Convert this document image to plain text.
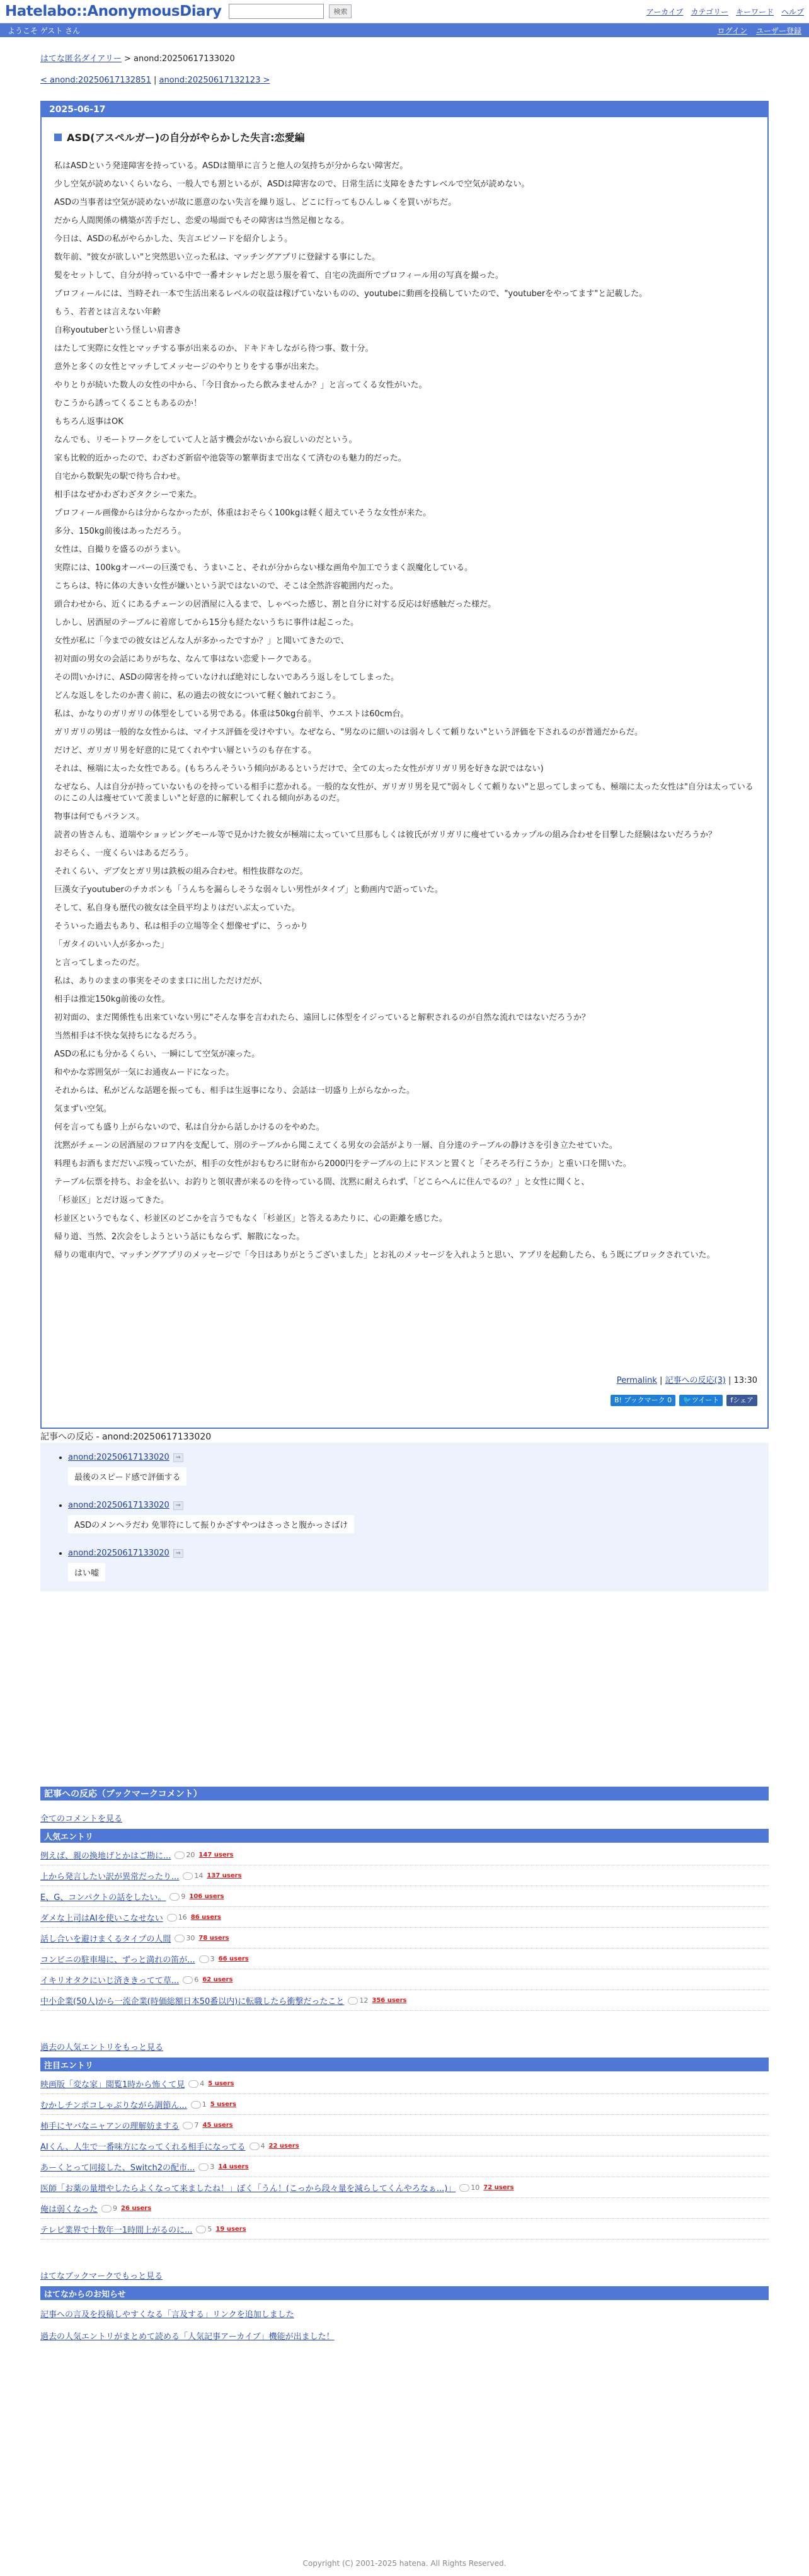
Hatelabo::AnonymousDiary	検索	アーカイブ カテゴリー キーワード ヘルプ
ようこそ ゲスト さん	ログイン ユーザー登録
はてな匿名ダイアリー > anond:20250617133020
< anond:20250617132851 | anond:20250617132123 >
2025-06-17
ASD(アスペルガー)の自分がやらかした失言:恋愛編
私はASDという発達障害を持っている。ASDは簡単に言うと他人の気持ちが分からない障害だ。
少し空気が読めないくらいなら、一般人でも割といるが、ASDは障害なので、日常生活に支障をきたすレベルで空気が読めない。
ASDの当事者は空気が読めないが故に悪意のない失言を繰り返し、どこに行ってもひんしゅくを買いがちだ。
だから人間関係の構築が苦手だし、恋愛の場面でもその障害は当然足枷となる。
今日は、ASDの私がやらかした、失言エピソードを紹介しよう。
数年前、"彼女が欲しい"と突然思い立った私は、マッチングアプリに登録する事にした。
髪をセットして、自分が持っている中で一番オシャレだと思う服を着て、自宅の洗面所でプロフィール用の写真を撮った。
プロフィールには、当時それ一本で生活出来るレベルの収益は稼げていないものの、youtubeに動画を投稿していたので、"youtuberをやってます"と記載した。
もう、若者とは言えない年齢
自称youtuberという怪しい肩書き
はたして実際に女性とマッチする事が出来るのか、ドキドキしながら待つ事、数十分。
意外と多くの女性とマッチしてメッセージのやりとりをする事が出来た。
やりとりが続いた数人の女性の中から、「今日食かったら飲みませんか？」と言ってくる女性がいた。
むこうから誘ってくることもあるのか！
もちろん返事はOK
なんでも、リモートワークをしていて人と話す機会がないから寂しいのだという。
家も比較的近かったので、わざわざ新宿や池袋等の繁華街まで出なくて済むのも魅力的だった。
自宅から数駅先の駅で待ち合わせ。
相手はなぜかわざわざタクシーで来た。
プロフィール画像からは分からなかったが、体重はおそらく100kgは軽く超えていそうな女性が来た。
多分、150kg前後はあっただろう。
女性は、自撮りを盛るのがうまい。
実際には、100kgオーバーの巨漢でも、うまいこと、それが分からない様な画角や加工でうまく誤魔化している。
こちらは、特に体の大きい女性が嫌いという訳ではないので、そこは全然許容範囲内だった。
頭合わせから、近くにあるチェーンの居酒屋に入るまで、しゃべった感じ、割と自分に対する反応は好感触だった様だ。
しかし、居酒屋のテーブルに着席してから15分も経たないうちに事件は起こった。
女性が私に「今までの彼女はどんな人が多かったですか？」と聞いてきたので、
初対面の男女の会話にありがちな、なんて事はない恋愛トークである。
その問いかけに、ASDの障害を持っていなければ絶対にしないであろう返しをしてしまった。
どんな返しをしたのか書く前に、私の過去の彼女について軽く触れておこう。
私は、かなりのガリガリの体型をしている男である。体重は50kg台前半、ウエストは60cm台。
ガリガリの男は一般的な女性からは、マイナス評価を受けやすい。なぜなら、"男なのに細いのは弱々しくて頼りない"という評価を下されるのが普通だからだ。
だけど、ガリガリ男を好意的に見てくれやすい層というのも存在する。
それは、極端に太った女性である。(もちろんそういう傾向があるというだけで、全ての太った女性がガリガリ男を好きな訳ではない)
なぜなら、人は自分が持っていないものを持っている相手に惹かれる。一般的な女性が、ガリガリ男を見て"弱々しくて頼りない"と思ってしまっても、極端に太った女性は"自分は太っているのにこの人は痩せていて羨ましい"と好意的に解釈してくれる傾向があるのだ。
物事は何でもバランス。
読者の皆さんも、道端やショッピングモール等で見かけた彼女が極端に太っていて旦那もしくは彼氏がガリガリに痩せているカップルの組み合わせを目撃した経験はないだろうか？
おそらく、一度くらいはあるだろう。
それくらい、デブ女とガリ男は鉄板の組み合わせ。相性抜群なのだ。
巨漢女子youtuberのチカボンも「うんちを漏らしそうな弱々しい男性がタイプ」と動画内で語っていた。
そして、私自身も歴代の彼女は全員平均よりはだいぶ太っていた。
そういった過去もあり、私は相手の立場等全く想像せずに、うっかり
「ガタイのいい人が多かった」
と言ってしまったのだ。
私は、ありのままの事実をそのまま口に出しただけだが、
相手は推定150kg前後の女性。
初対面の、まだ関係性も出来ていない男に"そんな事を言われたら、遠回しに体型をイジっていると解釈されるのが自然な流れではないだろうか？
当然相手は不快な気持ちになるだろう。
ASDの私にも分かるくらい、一瞬にして空気が凍った。
和やかな雰囲気が一気にお通夜ムードになった。
それからは、私がどんな話題を振っても、相手は生返事になり、会話は一切盛り上がらなかった。
気まずい空気。
何を言っても盛り上がらないので、私は自分から話しかけるのをやめた。
沈黙がチェーンの居酒屋のフロア内を支配して、別のテーブルから聞こえてくる男女の会話がより一層、自分達のテーブルの静けさを引き立たせていた。
料理もお酒もまだだいぶ残っていたが、相手の女性がおもむろに財布から2000円をテーブルの上にドスンと置くと「そろそろ行こうか」と重い口を開いた。
テーブル伝票を持ち、お金を払い、お釣りと領収書が来るのを待っている間、沈黙に耐えられず、「どこらへんに住んでるの？」と女性に聞くと、
「杉並区」とだけ返ってきた。
杉並区というでもなく、杉並区のどこかを言うでもなく「杉並区」と答えるあたりに、心の距離を感じた。
帰り道、当然、2次会をしようという話にもならず、解散になった。
帰りの電車内で、マッチングアプリのメッセージで「今日はありがとうございました」とお礼のメッセージを入れようと思い、アプリを起動したら、もう既にブロックされていた。
Permalink | 記事への反応(3) | 13:30
B! ブックマーク 0	🐦ツイート	fシェア
記事への反応 - anond:20250617133020
• anond:20250617133020	⇒
最後のスピード感で評価する
• anond:20250617133020	⇒
ASDのメンヘラだわ 免罪符にして振りかざすやつはさっさと腹かっさばけ
• anond:20250617133020	⇒
はい嘘
記事への反応（ブックマークコメント）
全てのコメントを見る
人気エントリ
例えば、親の換地げとかはご勘に... 20 147 users
上から発言したい訳が異常だったり... 14 137 users
E、G、コンパクトの話をしたい。 9 106 users
ダメな上司はAIを使いこなせない 16 86 users
話し合いを避けまくるタイプの人間 30 78 users
コンビニの駐車場に、ずっと満れの笛が... 3 66 users
イキリオタクにいじ済ききってて草... 6 62 users
中小企業(50人)から一流企業(時価総額日本50番以内)に転職したら衝撃だったこと 12 356 users
過去の人気エントリをもっと見る
注目エントリ
映画版「変な家」閲覧1時から怖くて見 4 5 users
むかしチンポコしゃぶりながら調節ん... 1 5 users
柿手にヤバなニャアンの理解妨まする 7 45 users
AIくん、人生で一番味方になってくれる相手になってる 4 22 users
あーくとって同接した、Switch2の配市... 3 14 users
医師「お薬の量増やしたらよくなって来ましたね！」ぼく「うん！(こっから段々量を減らしてくんやろなぁ...)」 10 72 users
俺は弱くなった 9 26 users
テレビ業界で十数年一1時間上がるのに... 5 19 users
はてなブックマークでもっと見る
はてなからのお知らせ
記事への言及を投稿しやすくなる「言及する」リンクを追加しました
過去の人気エントリがまとめて読める「人気記事アーカイブ」機能が出ました！
Copyright (C) 2001-2025 hatena. All Rights Reserved.
